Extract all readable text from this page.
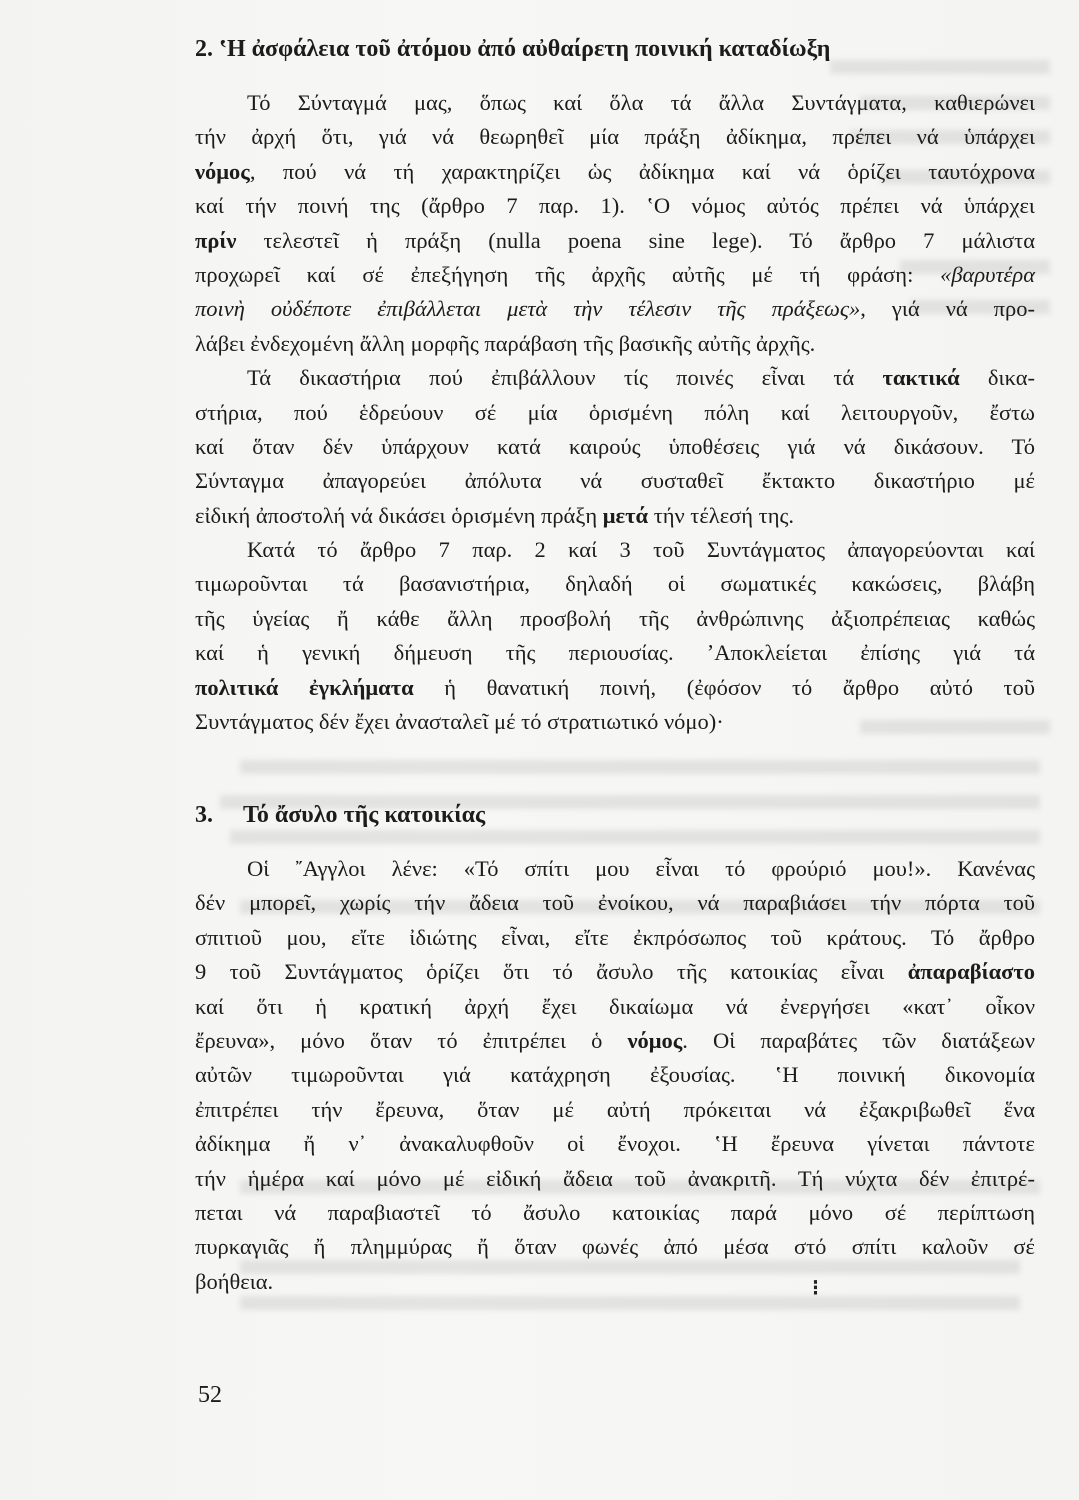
2. ʽΗ ἀσφάλεια τοῦ ἀτόμου ἀπό αὐθαίρετη ποινική καταδίωξη

Τό Σύνταγμά μας, ὅπως καί ὅλα τά ἄλλα Συντάγματα, καθιερώνει
τήν ἀρχή ὅτι, γιά νά θεωρηθεῖ μία πράξη ἀδίκημα, πρέπει νά ὑπάρχει
νόμος, πού νά τή χαρακτηρίζει ὡς ἀδίκημα καί νά ὁρίζει ταυτόχρονα
καί τήν ποινή της (ἄρθρο 7 παρ. 1). ʽΟ νόμος αὐτός πρέπει νά ὑπάρχει
πρίν τελεστεῖ ἡ πράξη (nulla poena sine lege). Τό ἄρθρο 7 μάλιστα
προχωρεῖ καί σέ ἐπεξήγηση τῆς ἀρχῆς αὐτῆς μέ τή φράση: «βαρυτέρα
ποινὴ οὐδέποτε ἐπιβάλλεται μετὰ τὴν τέλεσιν τῆς πράξεως», γιά νά προ-
λάβει ἐνδεχομένη ἄλλη μορφῆς παράβαση τῆς βασικῆς αὐτῆς ἀρχῆς.
Τά δικαστήρια πού ἐπιβάλλουν τίς ποινές εἶναι τά τακτικά δικα-
στήρια, πού ἑδρεύουν σέ μία ὁρισμένη πόλη καί λειτουργοῦν, ἔστω
καί ὅταν δέν ὑπάρχουν κατά καιρούς ὑποθέσεις γιά νά δικάσουν. Τό
Σύνταγμα ἀπαγορεύει ἀπόλυτα νά συσταθεῖ ἔκτακτο δικαστήριο μέ
εἰδική ἀποστολή νά δικάσει ὁρισμένη πράξη μετά τήν τέλεσή της.
Κατά τό ἄρθρο 7 παρ. 2 καί 3 τοῦ Συντάγματος ἀπαγορεύονται καί
τιμωροῦνται τά βασανιστήρια, δηλαδή οἱ σωματικές κακώσεις, βλάβη
τῆς ὑγείας ἤ κάθε ἄλλη προσβολή τῆς ἀνθρώπινης ἀξιοπρέπειας καθώς
καί ἡ γενική δήμευση τῆς περιουσίας. ʼΑποκλείεται ἐπίσης γιά τά
πολιτικά ἐγκλήματα ἡ θανατική ποινή, (ἐφόσον τό ἄρθρο αὐτό τοῦ
Συντάγματος δέν ἔχει ἀνασταλεῖ μέ τό στρατιωτικό νόμο)·

3. Τό ἄσυλο τῆς κατοικίας

Οἱ ῎Αγγλοι λένε: «Τό σπίτι μου εἶναι τό φρούριό μου!». Κανένας
δέν μπορεῖ, χωρίς τήν ἄδεια τοῦ ἐνοίκου, νά παραβιάσει τήν πόρτα τοῦ
σπιτιοῦ μου, εἴτε ἰδιώτης εἶναι, εἴτε ἐκπρόσωπος τοῦ κράτους. Τό ἄρθρο
9 τοῦ Συντάγματος ὁρίζει ὅτι τό ἄσυλο τῆς κατοικίας εἶναι ἀπαραβίαστο
καί ὅτι ἡ κρατική ἀρχή ἔχει δικαίωμα νά ἐνεργήσει «κατ᾽ οἶκον
ἔρευνα», μόνο ὅταν τό ἐπιτρέπει ὁ νόμος. Οἱ παραβάτες τῶν διατάξεων
αὐτῶν τιμωροῦνται γιά κατάχρηση ἐξουσίας. ʽΗ ποινική δικονομία
ἐπιτρέπει τήν ἔρευνα, ὅταν μέ αὐτή πρόκειται νά ἐξακριβωθεῖ ἕνα
ἀδίκημα ἤ ν᾽ ἀνακαλυφθοῦν οἱ ἔνοχοι. ʽΗ ἔρευνα γίνεται πάντοτε
τήν ἡμέρα καί μόνο μέ εἰδική ἄδεια τοῦ ἀνακριτῆ. Τή νύχτα δέν ἐπιτρέ-
πεται νά παραβιαστεῖ τό ἄσυλο κατοικίας παρά μόνο σέ περίπτωση
πυρκαγιᾶς ἤ πλημμύρας ἤ ὅταν φωνές ἀπό μέσα στό σπίτι καλοῦν σέ
βοήθεια.	⁝
52
